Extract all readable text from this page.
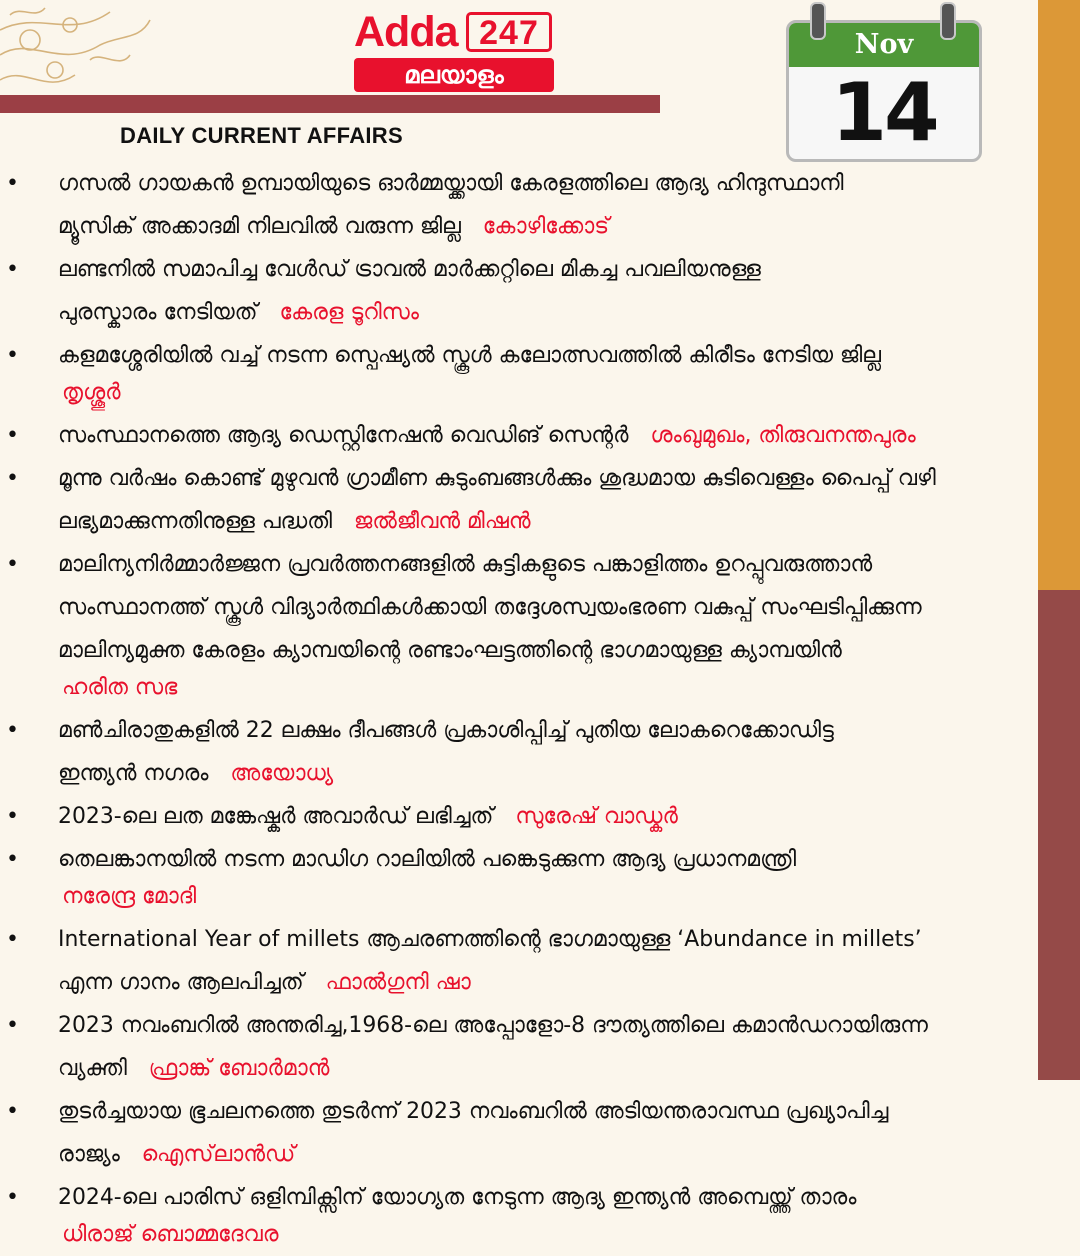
Adda 247
മലയാളം
DAILY CURRENT AFFAIRS
Nov
14
• ഗസൽ ഗായകൻ ഉമ്പായിയുടെ ഓർമ്മയ്ക്കായി കേരളത്തിലെ ആദ്യ ഹിന്ദുസ്ഥാനി
മ്യൂസിക് അക്കാദമി നിലവിൽ വരുന്ന ജില്ല കോഴിക്കോട്
• ലണ്ടനിൽ സമാപിച്ച വേൾഡ് ട്രാവൽ മാർക്കറ്റിലെ മികച്ച പവലിയനുള്ള
പുരസ്കാരം നേടിയത് കേരള ടൂറിസം
• കളമശ്ശേരിയിൽ വച്ച് നടന്ന സ്പെഷ്യൽ സ്കൂൾ കലോത്സവത്തിൽ കിരീടം നേടിയ ജില്ല
തൃശ്ശൂർ
• സംസ്ഥാനത്തെ ആദ്യ ഡെസ്റ്റിനേഷൻ വെഡിങ് സെന്റർ ശംഖുമുഖം, തിരുവനന്തപുരം
• മൂന്നു വർഷം കൊണ്ട് മുഴുവൻ ഗ്രാമീണ കുടുംബങ്ങൾക്കും ശുദ്ധമായ കുടിവെള്ളം പൈപ്പ് വഴി
ലഭ്യമാക്കുന്നതിനുള്ള പദ്ധതി ജൽജീവൻ മിഷൻ
• മാലിന്യനിർമ്മാർജ്ജന പ്രവർത്തനങ്ങളിൽ കുട്ടികളുടെ പങ്കാളിത്തം ഉറപ്പുവരുത്താൻ
സംസ്ഥാനത്ത് സ്കൂൾ വിദ്യാർത്ഥികൾക്കായി തദ്ദേശസ്വയംഭരണ വകുപ്പ് സംഘടിപ്പിക്കുന്ന
മാലിന്യമുക്ത കേരളം ക്യാമ്പയിന്റെ രണ്ടാംഘട്ടത്തിന്റെ ഭാഗമായുള്ള ക്യാമ്പയിൻ
ഹരിത സഭ
• മൺചിരാതുകളിൽ 22 ലക്ഷം ദീപങ്ങൾ പ്രകാശിപ്പിച്ച് പുതിയ ലോകറെക്കോഡിട്ട
ഇന്ത്യൻ നഗരം അയോധ്യ
• 2023-ലെ ലത മങ്കേഷ്കർ അവാർഡ് ലഭിച്ചത് സുരേഷ് വാഡ്കർ
• തെലങ്കാനയിൽ നടന്ന മാഡിഗ റാലിയിൽ പങ്കെടുക്കുന്ന ആദ്യ പ്രധാനമന്ത്രി
നരേന്ദ്ര മോദി
• International Year of millets ആചരണത്തിന്റെ ഭാഗമായുള്ള ‘Abundance in millets’
എന്ന ഗാനം ആലപിച്ചത് ഫാൽഗുനി ഷാ
• 2023 നവംബറിൽ അന്തരിച്ച,1968-ലെ അപ്പോളോ-8 ദൗത്യത്തിലെ കമാൻഡറായിരുന്ന
വ്യക്തി ഫ്രാങ്ക് ബോർമാൻ
• തുടർച്ചയായ ഭൂചലനത്തെ തുടർന്ന് 2023 നവംബറിൽ അടിയന്തരാവസ്ഥ പ്രഖ്യാപിച്ച
രാജ്യം ഐസ്‌ലാൻഡ്
• 2024-ലെ പാരിസ് ഒളിമ്പിക്സിന് യോഗ്യത നേടുന്ന ആദ്യ ഇന്ത്യൻ അമ്പെയ്ത്ത് താരം
ധിരാജ് ബൊമ്മദേവര
